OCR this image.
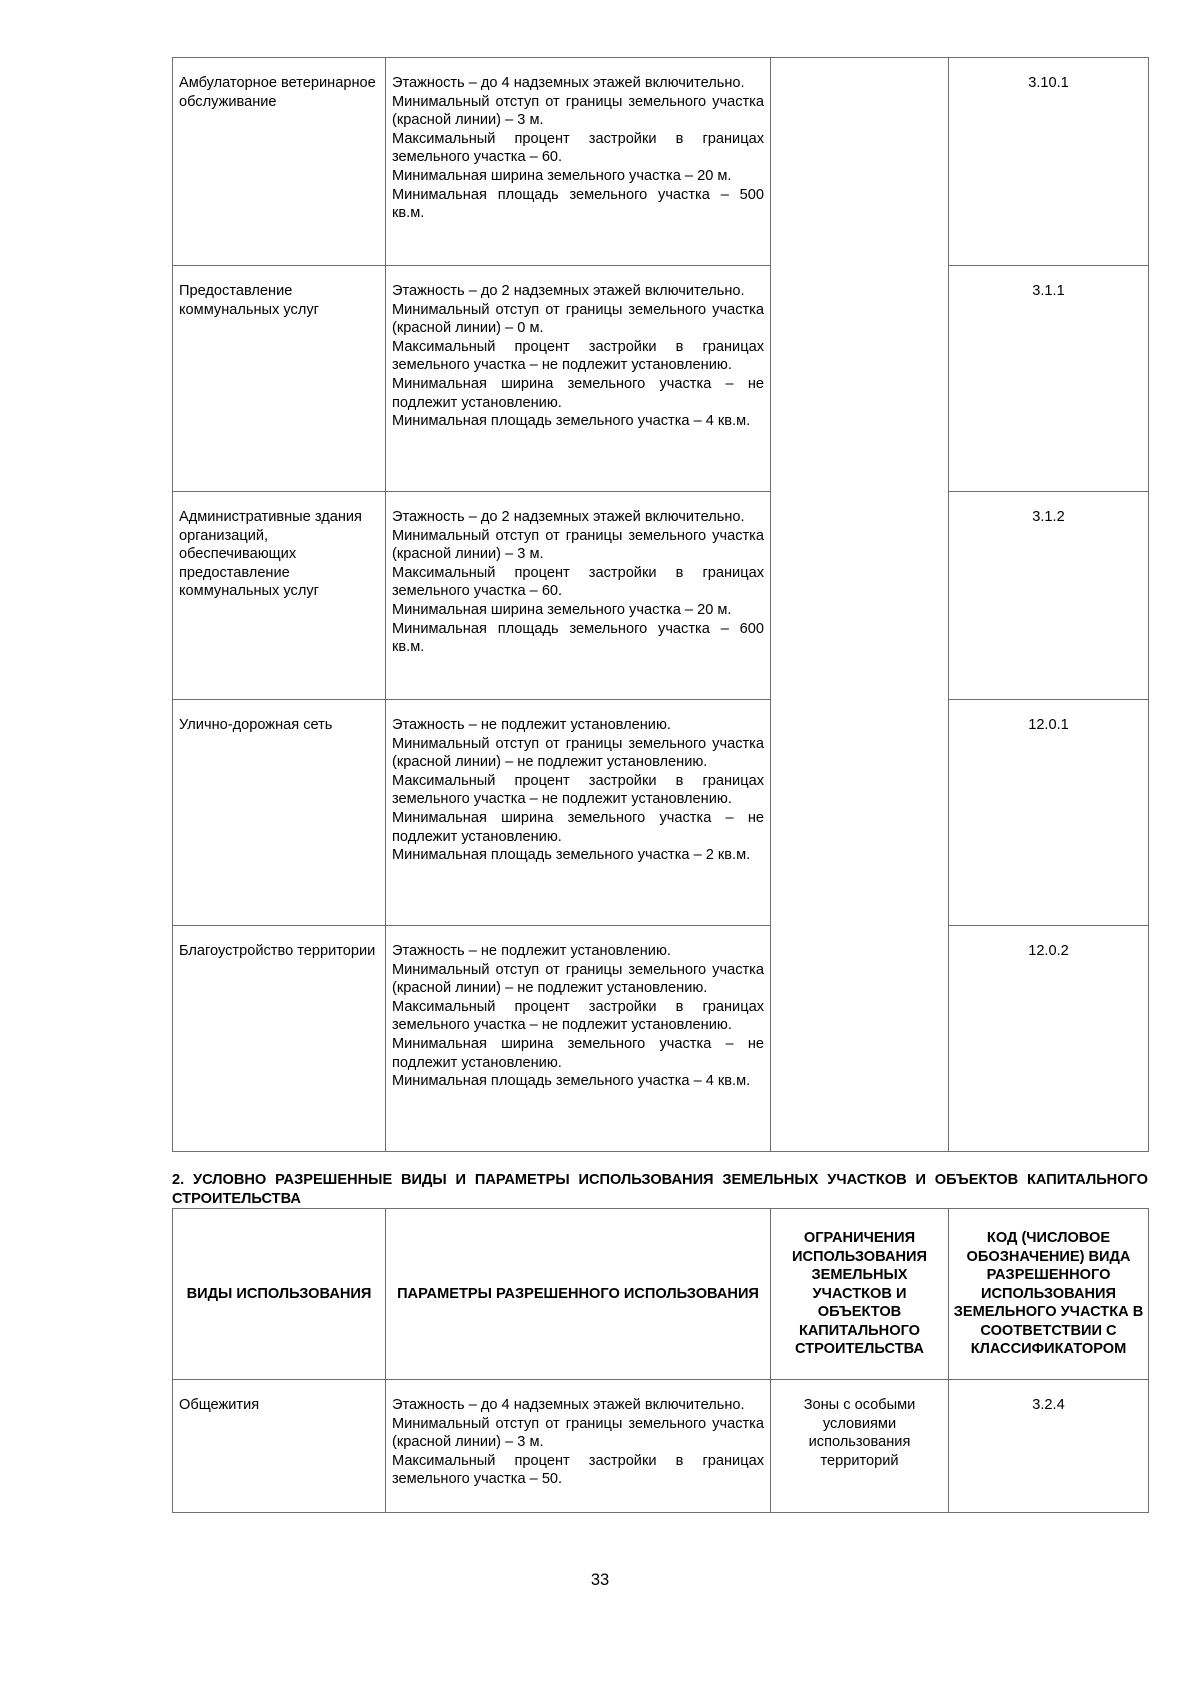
Амбулаторное ветеринарное обслуживание	Этажность – до 4 надземных этажей включительно.
Минимальный отступ от границы земельного участка (красной линии) – 3 м.
Максимальный процент застройки в границах земельного участка – 60.
Минимальная ширина земельного участка – 20 м.
Минимальная площадь земельного участка – 500 кв.м.		3.10.1
Предоставление коммунальных услуг	Этажность – до 2 надземных этажей включительно.
Минимальный отступ от границы земельного участка (красной линии) – 0 м.
Максимальный процент застройки в границах земельного участка – не подлежит установлению.
Минимальная ширина земельного участка – не подлежит установлению.
Минимальная площадь земельного участка – 4 кв.м.		3.1.1
Административные здания организаций, обеспечивающих предоставление коммунальных услуг	Этажность – до 2 надземных этажей включительно.
Минимальный отступ от границы земельного участка (красной линии) – 3 м.
Максимальный процент застройки в границах земельного участка – 60.
Минимальная ширина земельного участка – 20 м.
Минимальная площадь земельного участка – 600 кв.м.		3.1.2
Улично-дорожная сеть	Этажность – не подлежит установлению.
Минимальный отступ от границы земельного участка (красной линии) – не подлежит установлению.
Максимальный процент застройки в границах земельного участка – не подлежит установлению.
Минимальная ширина земельного участка – не подлежит установлению.
Минимальная площадь земельного участка – 2 кв.м.		12.0.1
Благоустройство территории	Этажность – не подлежит установлению.
Минимальный отступ от границы земельного участка (красной линии) – не подлежит установлению.
Максимальный процент застройки в границах земельного участка – не подлежит установлению.
Минимальная ширина земельного участка – не подлежит установлению.
Минимальная площадь земельного участка – 4 кв.м.		12.0.2
2. УСЛОВНО РАЗРЕШЕННЫЕ ВИДЫ И ПАРАМЕТРЫ ИСПОЛЬЗОВАНИЯ ЗЕМЕЛЬНЫХ УЧАСТКОВ И ОБЪЕКТОВ КАПИТАЛЬНОГО СТРОИТЕЛЬСТВА
ВИДЫ ИСПОЛЬЗОВАНИЯ	ПАРАМЕТРЫ РАЗРЕШЕННОГО ИСПОЛЬЗОВАНИЯ	ОГРАНИЧЕНИЯ ИСПОЛЬЗОВАНИЯ ЗЕМЕЛЬНЫХ УЧАСТКОВ И ОБЪЕКТОВ КАПИТАЛЬНОГО СТРОИТЕЛЬСТВА	КОД (ЧИСЛОВОЕ ОБОЗНАЧЕНИЕ) ВИДА РАЗРЕШЕННОГО ИСПОЛЬЗОВАНИЯ ЗЕМЕЛЬНОГО УЧАСТКА В СООТВЕТСТВИИ С КЛАССИФИКАТОРОМ
Общежития	Этажность – до 4 надземных этажей включительно.
Минимальный отступ от границы земельного участка (красной линии) – 3 м.
Максимальный процент застройки в границах земельного участка – 50.	Зоны с особыми условиями использования территорий	3.2.4
33
